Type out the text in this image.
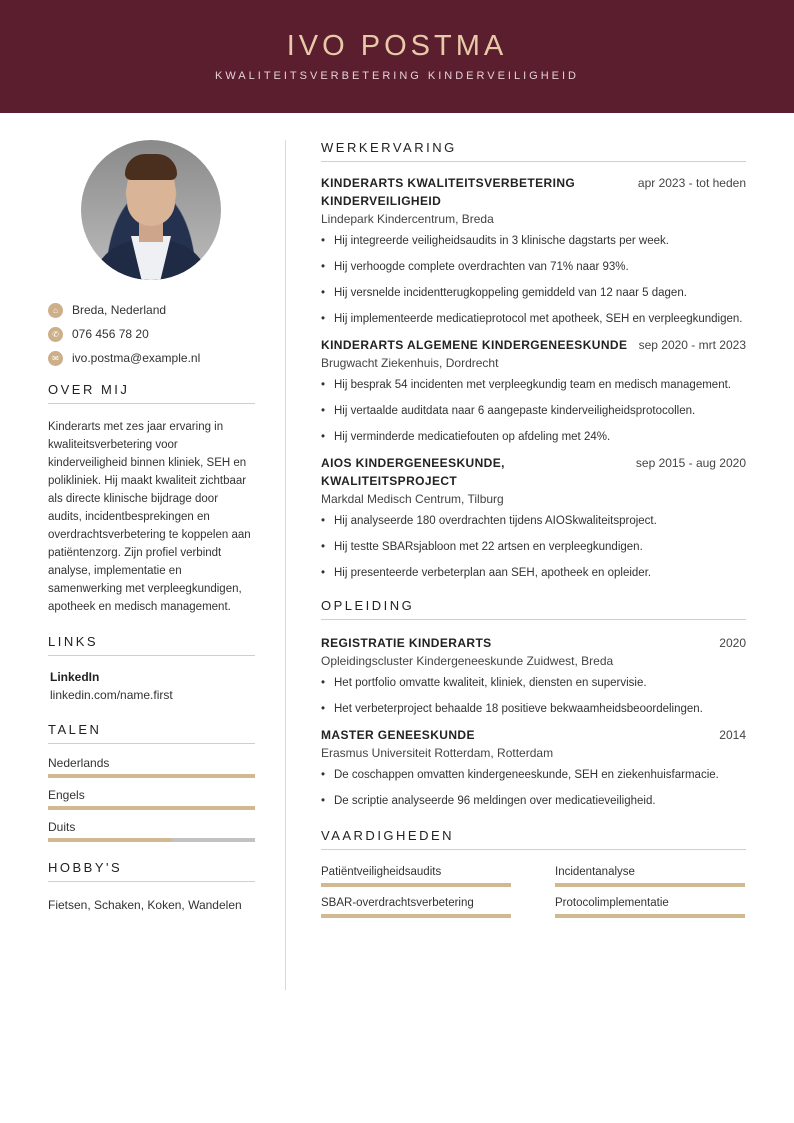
IVO POSTMA
KWALITEITSVERBETERING KINDERVEILIGHEID
⌂	Breda, Nederland
✆	076 456 78 20
✉	ivo.postma@example.nl
OVER MIJ
Kinderarts met zes jaar ervaring in kwaliteitsverbetering voor kinderveiligheid binnen kliniek, SEH en polikliniek. Hij maakt kwaliteit zichtbaar als directe klinische bijdrage door audits, incidentbesprekingen en overdrachtsverbetering te koppelen aan patiëntenzorg. Zijn profiel verbindt analyse, implementatie en samenwerking met verpleegkundigen, apotheek en medisch management.
LINKS
LinkedIn
linkedin.com/name.first
TALEN
Nederlands
Engels
Duits
HOBBY'S
Fietsen, Schaken, Koken, Wandelen
WERKERVARING
KINDERARTS KWALITEITSVERBETERING KINDERVEILIGHEID
apr 2023 - tot heden
Lindepark Kindercentrum, Breda
• Hij integreerde veiligheidsaudits in 3 klinische dagstarts per week.
• Hij verhoogde complete overdrachten van 71% naar 93%.
• Hij versnelde incidentterugkoppeling gemiddeld van 12 naar 5 dagen.
• Hij implementeerde medicatieprotocol met apotheek, SEH en verpleegkundigen.
KINDERARTS ALGEMENE KINDERGENEESKUNDE sep 2020 - mrt 2023
Brugwacht Ziekenhuis, Dordrecht
• Hij besprak 54 incidenten met verpleegkundig team en medisch management.
• Hij vertaalde auditdata naar 6 aangepaste kinderveiligheidsprotocollen.
• Hij verminderde medicatiefouten op afdeling met 24%.
AIOS KINDERGENEESKUNDE, KWALITEITSPROJECT
sep 2015 - aug 2020
Markdal Medisch Centrum, Tilburg
• Hij analyseerde 180 overdrachten tijdens AIOSkwaliteitsproject.
• Hij testte SBARsjabloon met 22 artsen en verpleegkundigen.
• Hij presenteerde verbeterplan aan SEH, apotheek en opleider.
OPLEIDING
REGISTRATIE KINDERARTS	2020
Opleidingscluster Kindergeneeskunde Zuidwest, Breda
• Het portfolio omvatte kwaliteit, kliniek, diensten en supervisie.
• Het verbeterproject behaalde 18 positieve bekwaamheidsbeoordelingen.
MASTER GENEESKUNDE	2014
Erasmus Universiteit Rotterdam, Rotterdam
• De coschappen omvatten kindergeneeskunde, SEH en ziekenhuisfarmacie.
• De scriptie analyseerde 96 meldingen over medicatieveiligheid.
VAARDIGHEDEN
Patiëntveiligheidsaudits	Incidentanalyse
SBAR-overdrachtsverbetering	Protocolimplementatie
